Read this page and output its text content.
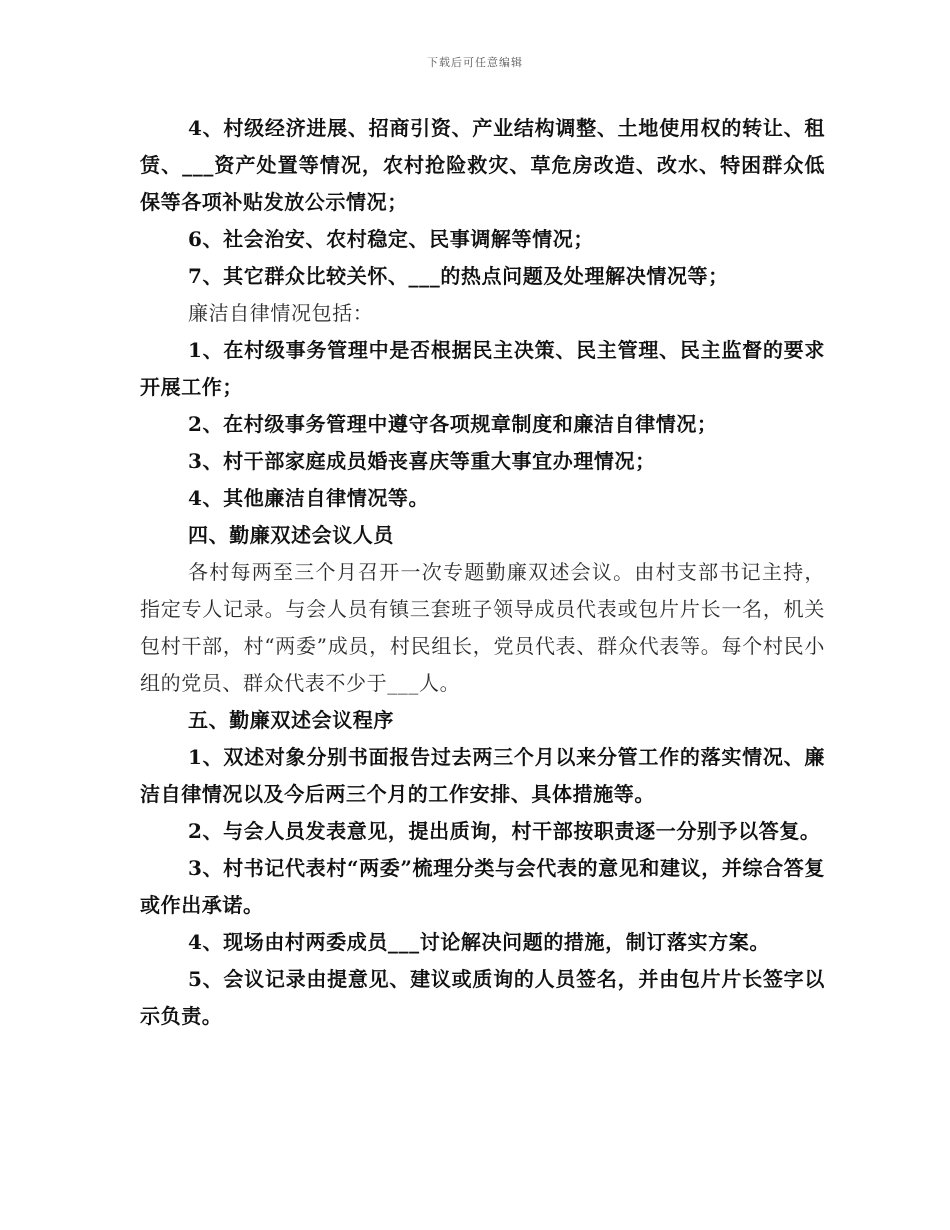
下载后可任意编辑

4、村级经济进展、招商引资、产业结构调整、土地使用权的转让、租赁、___资产处置等情况，农村抢险救灾、草危房改造、改水、特困群众低保等各项补贴发放公示情况；

6、社会治安、农村稳定、民事调解等情况；

7、其它群众比较关怀、___的热点问题及处理解决情况等；

廉洁自律情况包括：

1、在村级事务管理中是否根据民主决策、民主管理、民主监督的要求开展工作；

2、在村级事务管理中遵守各项规章制度和廉洁自律情况；

3、村干部家庭成员婚丧喜庆等重大事宜办理情况；

4、其他廉洁自律情况等。

四、勤廉双述会议人员

各村每两至三个月召开一次专题勤廉双述会议。由村支部书记主持，指定专人记录。与会人员有镇三套班子领导成员代表或包片片长一名，机关包村干部，村“两委”成员，村民组长，党员代表、群众代表等。每个村民小组的党员、群众代表不少于___人。

五、勤廉双述会议程序

1、双述对象分别书面报告过去两三个月以来分管工作的落实情况、廉洁自律情况以及今后两三个月的工作安排、具体措施等。

2、与会人员发表意见，提出质询，村干部按职责逐一分别予以答复。

3、村书记代表村“两委”梳理分类与会代表的意见和建议，并综合答复或作出承诺。

4、现场由村两委成员___讨论解决问题的措施，制订落实方案。

5、会议记录由提意见、建议或质询的人员签名，并由包片片长签字以示负责。
